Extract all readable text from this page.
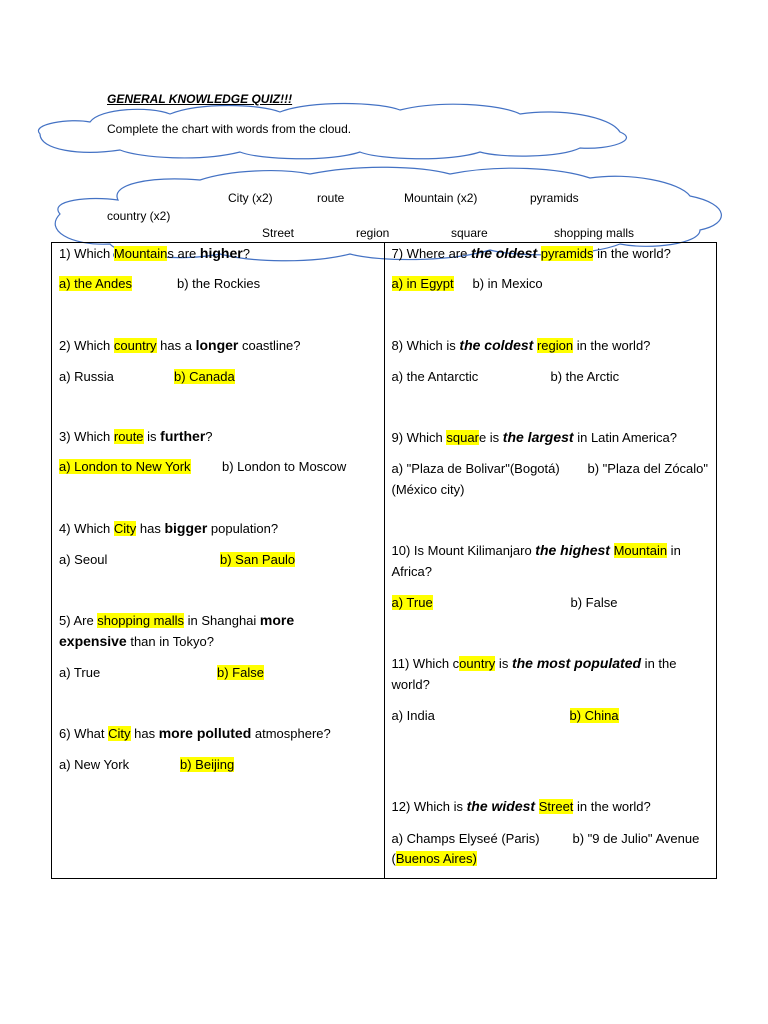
GENERAL KNOWLEDGE QUIZ!!!
Complete the chart with words from the cloud.
City (x2)	route	Mountain (x2)	pyramids
country (x2)
Street	region	square	shopping malls
1) Which Mountains are higher?
a) the Andes	b) the Rockies
2) Which country has a longer coastline?
a) Russia	b) Canada
3) Which route is further?
a) London to New York b) London to Moscow
4) Which City has bigger population?
a) Seoul	b) San Paulo
5) Are shopping malls in Shanghai more
expensive than in Tokyo?
a) True	b) False
6) What City has more polluted atmosphere?
a) New York	b) Beijing

7) Where are the oldest pyramids in the world?
a) in Egypt b) in Mexico
8) Which is the coldest region in the world?
a) the Antarctic	b) the Arctic
9) Which square is the largest in Latin America?
a) "Plaza de Bolivar"(Bogotá) b) "Plaza del Zócalo"
(México city)
10) Is Mount Kilimanjaro the highest Mountain in
Africa?
a) True	b) False
11) Which country is the most populated in the
world?
a) India	b) China
12) Which is the widest Street in the world?
a) Champs Elyseé (Paris)	b) "9 de Julio" Avenue
(Buenos Aires)
